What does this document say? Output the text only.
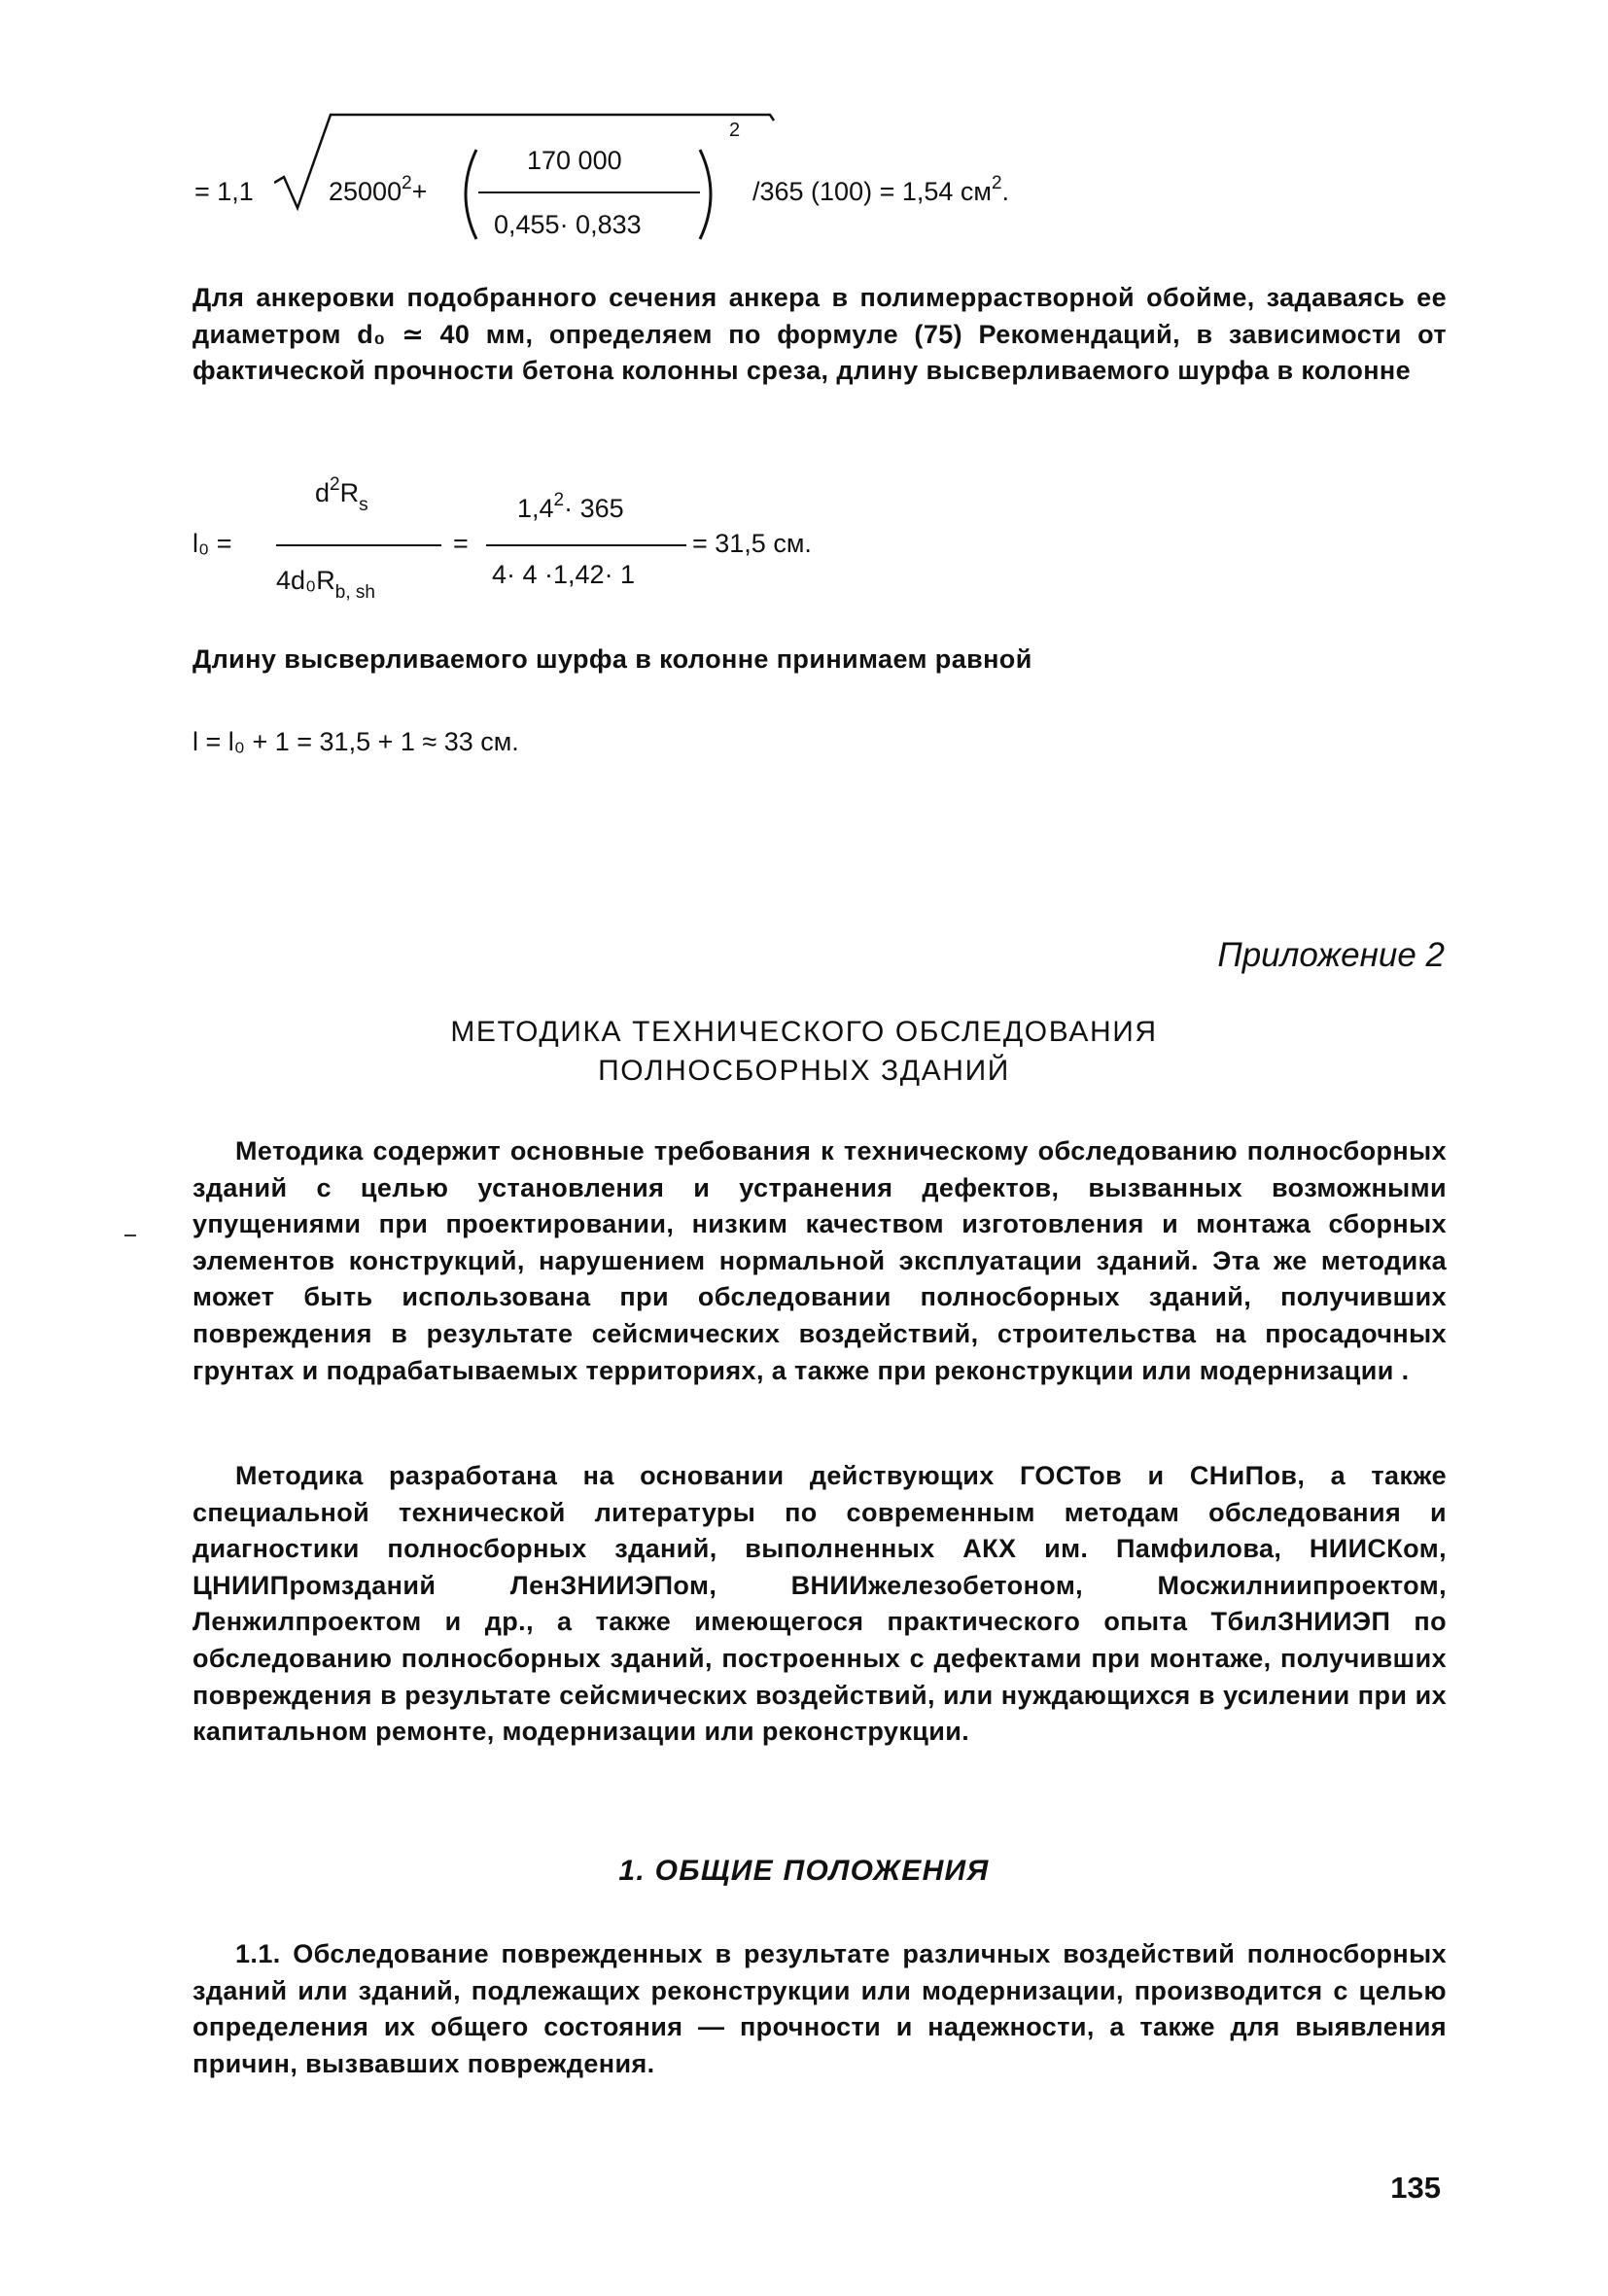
= 1,1	$25000^2+$
170 000
0,455· 0,833
2
/365 (100) = 1,54 $см^2$.
Для анкеровки подобранного сечения анкера в полимеррастворной обойме, задаваясь ее диаметром d₀ ≃ 40 мм, определяем по формуле (75) Рекомендаций, в зависимости от фактической прочности бетона колонны среза, длину высверливаемого шурфа в колонне
l₀ =
$d^2R_s$
$4d_0R_{b, sh}$
=
$1,4^2\cdot 365$
4· 4 ·1,42· 1
= 31,5 см.
Длину высверливаемого шурфа в колонне принимаем равной
l = l₀ + 1 = 31,5 + 1 ≈ 33 см.
Приложение 2
МЕТОДИКА ТЕХНИЧЕСКОГО ОБСЛЕДОВАНИЯ
ПОЛНОСБОРНЫХ ЗДАНИЙ
Методика содержит основные требования к техническому обследованию полносборных зданий с целью установления и устранения дефектов, вызванных возможными упущениями при проектировании, низким качеством изготовления и монтажа сборных элементов конструкций, нарушением нормальной эксплуатации зданий. Эта же методика может быть использована при обследовании полносборных зданий, получивших повреждения в результате сейсмических воздействий, строительства на просадочных грунтах и подрабатываемых территориях, а также при реконструкции или модернизации .
Методика разработана на основании действующих ГОСТов и СНиПов, а также специальной технической литературы по современным методам обследования и диагностики полносборных зданий, выполненных АКХ им. Памфилова, НИИСКом, ЦНИИПромзданий ЛенЗНИИЭПом, ВНИИжелезобетоном, Мосжилниипроектом, Ленжилпроектом и др., а также имеющегося практического опыта ТбилЗНИИЭП по обследованию полносборных зданий, построенных с дефектами при монтаже, получивших повреждения в результате сейсмических воздействий, или нуждающихся в усилении при их капитальном ремонте, модернизации или реконструкции.
1. ОБЩИЕ ПОЛОЖЕНИЯ
1.1. Обследование поврежденных в результате различных воздействий полносборных зданий или зданий, подлежащих реконструкции или модернизации, производится с целью определения их общего состояния — прочности и надежности, а также для выявления причин, вызвавших повреждения.
135
